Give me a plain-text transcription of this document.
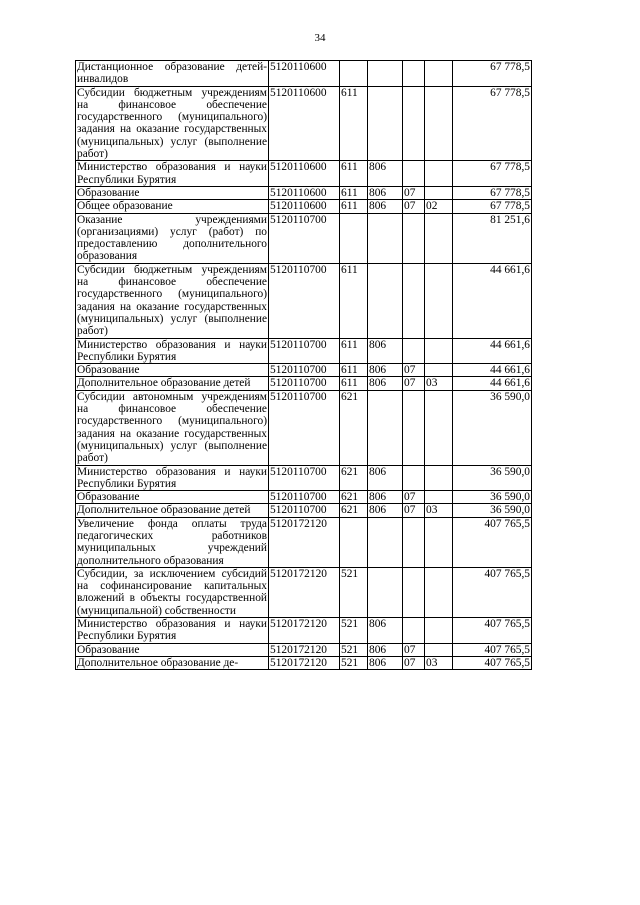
34
Дистанционное образование детей-инвалидов	5120110600					67 778,5
Субсидии бюджетным учреждениям на финансовое обеспечение государственного (муниципального) задания на оказание государственных (муниципальных) услуг (выполнение работ)	5120110600	611				67 778,5
Министерство образования и науки Республики Бурятия	5120110600	611	806			67 778,5
Образование	5120110600	611	806	07		67 778,5
Общее образование	5120110600	611	806	07	02	67 778,5
Оказание учреждениями (организациями) услуг (работ) по предоставлению дополнительного образования	5120110700					81 251,6
Субсидии бюджетным учреждениям на финансовое обеспечение государственного (муниципального) задания на оказание государственных (муниципальных) услуг (выполнение работ)	5120110700	611				44 661,6
Министерство образования и науки Республики Бурятия	5120110700	611	806			44 661,6
Образование	5120110700	611	806	07		44 661,6
Дополнительное образование детей	5120110700	611	806	07	03	44 661,6
Субсидии автономным учреждениям на финансовое обеспечение государственного (муниципального) задания на оказание государственных (муниципальных) услуг (выполнение работ)	5120110700	621				36 590,0
Министерство образования и науки Республики Бурятия	5120110700	621	806			36 590,0
Образование	5120110700	621	806	07		36 590,0
Дополнительное образование детей	5120110700	621	806	07	03	36 590,0
Увеличение фонда оплаты труда педагогических работников муниципальных учреждений дополнительного образования	5120172120					407 765,5
Субсидии, за исключением субсидий на софинансирование капитальных вложений в объекты государственной (муниципальной) собственности	5120172120	521				407 765,5
Министерство образования и науки Республики Бурятия	5120172120	521	806			407 765,5
Образование	5120172120	521	806	07		407 765,5
Дополнительное образование де-	5120172120	521	806	07	03	407 765,5
